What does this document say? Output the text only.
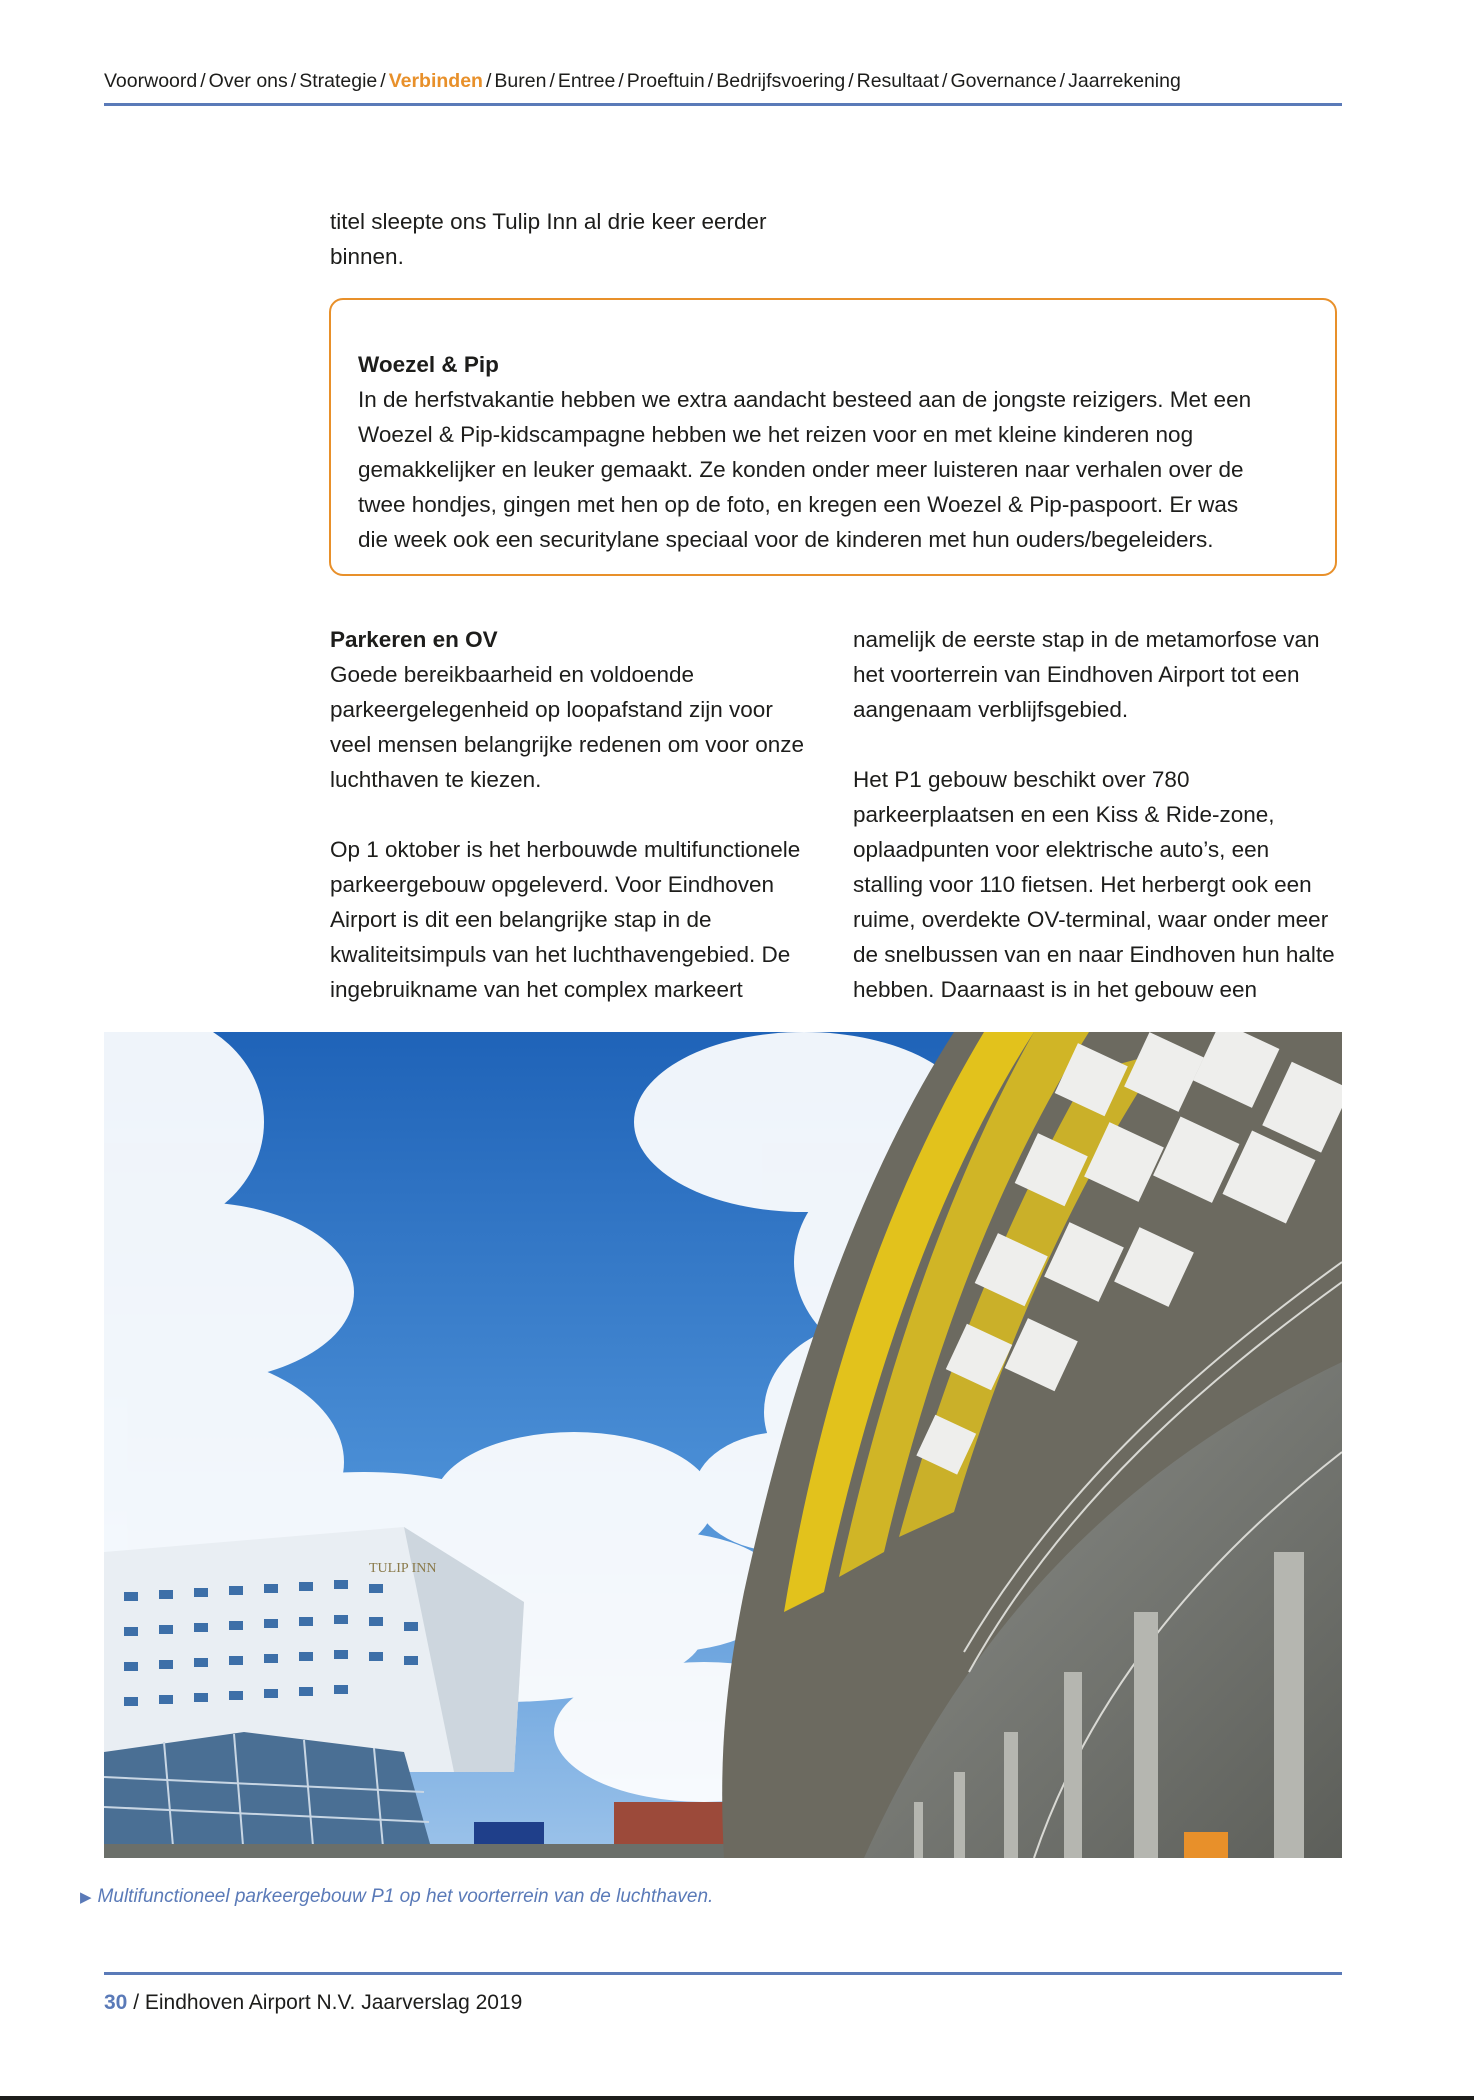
Voorwoord / Over ons / Strategie / Verbinden / Buren / Entree / Proeftuin / Bedrijfsvoering / Resultaat / Governance / Jaarrekening
titel sleepte ons Tulip Inn al drie keer eerder
binnen.
Woezel & Pip

In de herfstvakantie hebben we extra aandacht besteed aan de jongste reizigers. Met een

Woezel & Pip-kidscampagne hebben we het reizen voor en met kleine kinderen nog

gemakkelijker en leuker gemaakt. Ze konden onder meer luisteren naar verhalen over de

twee hondjes, gingen met hen op de foto, en kregen een Woezel & Pip-paspoort. Er was

die week ook een securitylane speciaal voor de kinderen met hun ouders/begeleiders.

Parkeren en OV

Goede bereikbaarheid en voldoende

parkeergelegenheid op loopafstand zijn voor

veel mensen belangrijke redenen om voor onze

luchthaven te kiezen.

Op 1 oktober is het herbouwde multifunctionele

parkeergebouw opgeleverd. Voor Eindhoven

Airport is dit een belangrijke stap in de

kwaliteitsimpuls van het luchthavengebied. De

ingebruikname van het complex markeert

namelijk de eerste stap in de metamorfose van

het voorterrein van Eindhoven Airport tot een

aangenaam verblijfsgebied.

Het P1 gebouw beschikt over 780

parkeerplaatsen en een Kiss & Ride-zone,

oplaadpunten voor elektrische auto’s, een

stalling voor 110 fietsen. Het herbergt ook een

ruime, overdekte OV-terminal, waar onder meer

de snelbussen van en naar Eindhoven hun halte

hebben. Daarnaast is in het gebouw een

TULIP INN
▶ Multifunctioneel parkeergebouw P1 op het voorterrein van de luchthaven.
30 / Eindhoven Airport N.V. Jaarverslag 2019
